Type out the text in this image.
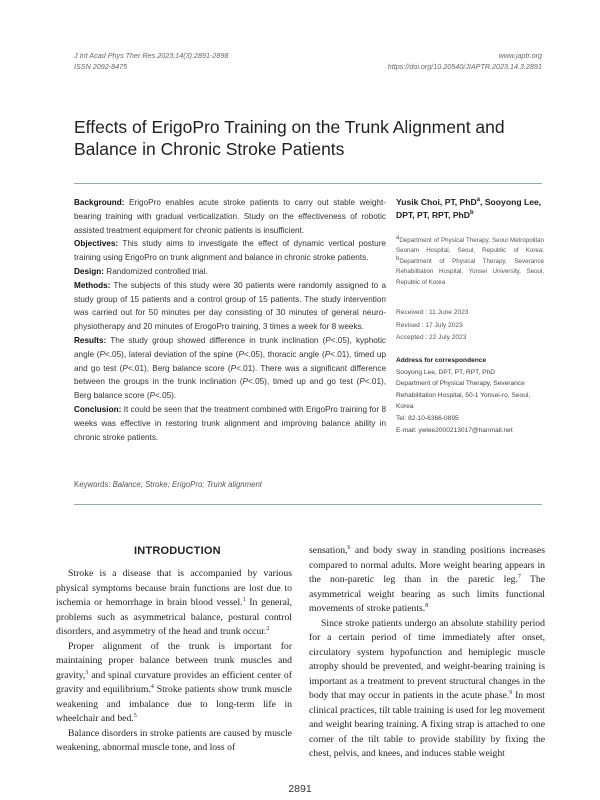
J Int Acad Phys Ther Res 2023;14(3):2891-2898
ISSN 2092-8475
www.japtr.org
https://doi.org/10.20540/JIAPTR.2023.14.3.2891
Effects of ErigoPro Training on the Trunk Alignment and Balance in Chronic Stroke Patients

Background: ErigoPro enables acute stroke patients to carry out stable weight-bearing training with gradual verticalization. Study on the effectiveness of robotic assisted treatment equipment for chronic patients is insufficient.

Objectives: This study aims to investigate the effect of dynamic vertical posture training using ErigoPro on trunk alignment and balance in chronic stroke patients.

Design: Randomized controlled trial.

Methods: The subjects of this study were 30 patients were randomly assigned to a study group of 15 patients and a control group of 15 patients. The study intervention was carried out for 50 minutes per day consisting of 30 minutes of general neuro-physiotherapy and 20 minutes of ErogoPro training, 3 times a week for 8 weeks.

Results: The study group showed difference in trunk inclination (P<.05), kyphotic angle (P<.05), lateral deviation of the spine (P<.05), thoracic angle (P<.01), timed up and go test (P<.01), Berg balance score (P<.01). There was a significant difference between the groups in the trunk inclination (P<.05), timed up and go test (P<.01), Berg balance score (P<.05).

Conclusion: It could be seen that the treatment combined with ErigoPro training for 8 weeks was effective in restoring trunk alignment and improving balance ability in chronic stroke patients.

Keywords: Balance; Stroke; ErigoPro; Trunk alignment
Yusik Choi, PT, PhD$^a$, Sooyong Lee,
DPT, PT, RPT, PhD$^b$
$^a$Department of Physical Therapy, Seoul Metropolitan Seonam Hospital, Seoul, Republic of Korea; $^b$Department of Physical Therapy, Severance Rehabilitation Hospital, Yonsei University, Seoul, Republic of Korea
Received : 11 June 2023
Revised : 17 July 2023
Accepted : 22 July 2023
Address for correspondence
Sooyong Lee, DPT, PT, RPT, PhD
Department of Physical Therapy, Severance Rehabilitation Hospital, 50-1 Yonsei-ro, Seoul, Korea
Tel: 82-10-6366-0895
E-mail: ywlee2000213017@hanmail.net
INTRODUCTION

Stroke is a disease that is accompanied by various physical symptoms because brain functions are lost due to ischemia or hemorrhage in brain blood vessel.$^1$ In general, problems such as asymmetrical balance, postural control disorders, and asymmetry of the head and trunk occur.$^2$

Proper alignment of the trunk is important for maintaining proper balance between trunk muscles and gravity,$^3$ and spinal curvature provides an efficient center of gravity and equilibrium.$^4$ Stroke patients show trunk muscle weakening and imbalance due to long-term life in wheelchair and bed.$^5$

Balance disorders in stroke patients are caused by muscle weakening, abnormal muscle tone, and loss of

sensation,$^6$ and body sway in standing positions increases compared to normal adults. More weight bearing appears in the non-paretic leg than in the paretic leg.$^7$ The asymmetrical weight bearing as such limits functional movements of stroke patients.$^8$

Since stroke patients undergo an absolute stability period for a certain period of time immediately after onset, circulatory system hypofunction and hemiplegic muscle atrophy should be prevented, and weight-bearing training is important as a treatment to prevent structural changes in the body that may occur in patients in the acute phase.$^9$ In most clinical practices, tilt table training is used for leg movement and weight bearing training. A fixing strap is attached to one corner of the tilt table to provide stability by fixing the chest, pelvis, and knees, and induces stable weight

2891
